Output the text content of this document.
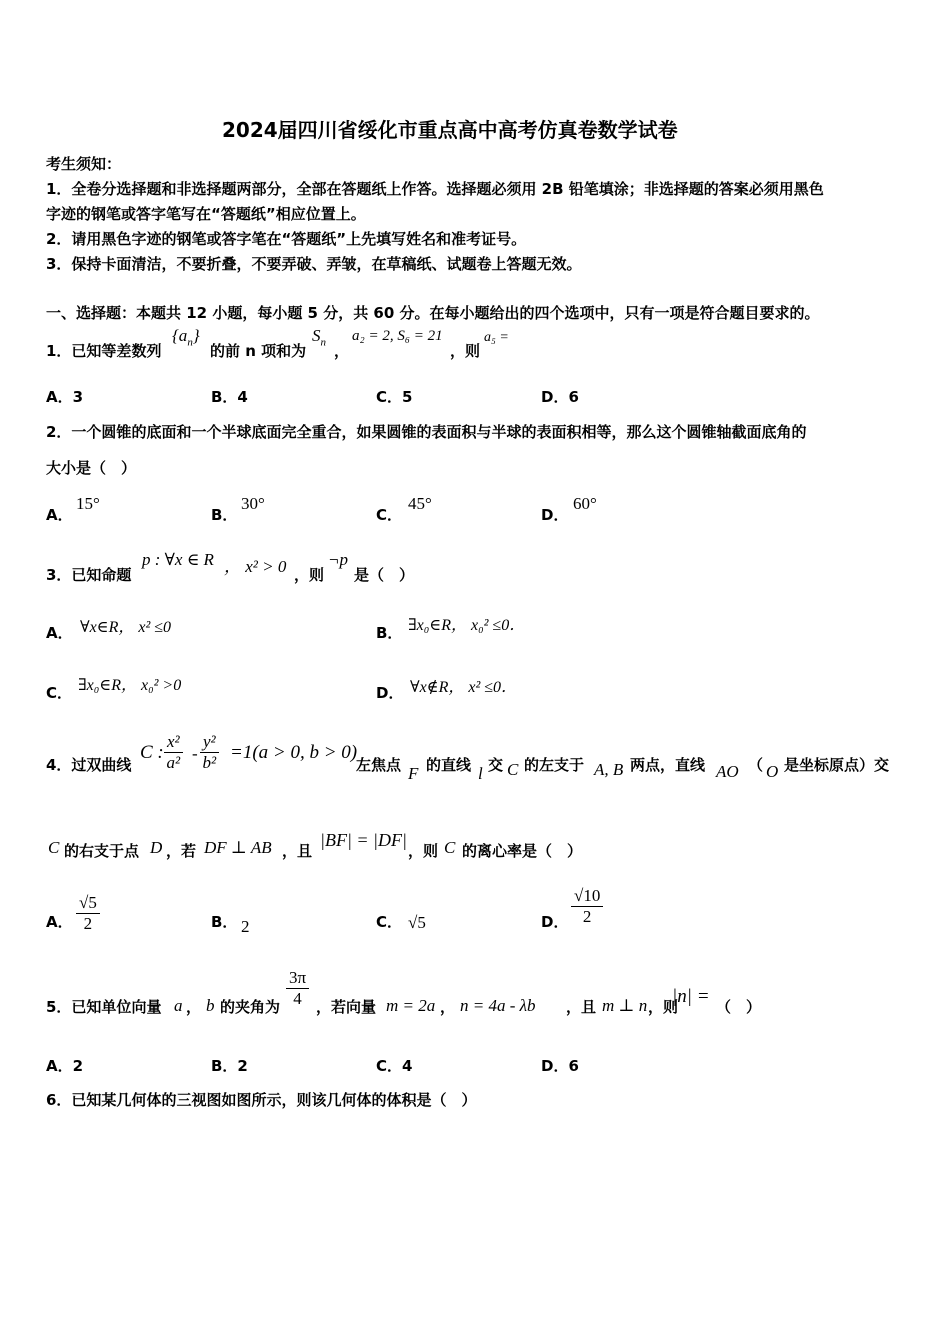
2024届四川省绥化市重点高中高考仿真卷数学试卷
考生须知：
1．全卷分选择题和非选择题两部分，全部在答题纸上作答。选择题必须用 2B 铅笔填涂；非选择题的答案必须用黑色
字迹的钢笔或答字笔写在“答题纸”相应位置上。
2．请用黑色字迹的钢笔或答字笔在“答题纸”上先填写姓名和准考证号。
3．保持卡面清洁，不要折叠，不要弄破、弄皱，在草稿纸、试题卷上答题无效。
一、选择题：本题共 12 小题，每小题 5 分，共 60 分。在每小题给出的四个选项中，只有一项是符合题目要求的。
1．已知等差数列
$\{a_n\}$
的前 n 项和为
$S_n$ ，
a₂ = 2, S₆ = 21
，则
a₅ =
A．3	B．4	C．5	D．6
2．一个圆锥的底面和一个半球底面完全重合，如果圆锥的表面积与半球的表面积相等，那么这个圆锥轴截面底角的
大小是（　）
A．
15°
B．
30°
C．
45°
D．
60°
3．已知命题
p : ∀x ∈ R ， x² > 0 ，则
¬p
是（　）
A． ∀x∈R， x² ≤0	B． ∃x₀∈R， x₀² ≤0．
C． ∃x₀∈R， x₀² >0	D． ∀x∉R， x² ≤0．
4．过双曲线
C : $\frac{\text{x²}}{\text{a²}} - \frac{\text{y²}}{\text{b²}} =1(a > 0$, b > 0)
左焦点 F 的直线 l 交 C 的左支于 A, B 两点，直线 AO （ O 是坐标原点）交
C 的右支于点 D ，若 DF ⊥ AB ，且
|BF| = |DF|
，则 C 的离心率是（　）
A． $\frac{√5}{2}$	B． 2	C． √5	D． $\frac{√10}{2}$
5．已知单位向量 a ， b 的夹角为 $\frac{3\pi}{4}$ ，若向量 m = 2a ， n = 4a - λb ，且 m ⊥ n ，则
|n| = （　）
A．2	B．2	C．4	D．6
6．已知某几何体的三视图如图所示，则该几何体的体积是（　）
